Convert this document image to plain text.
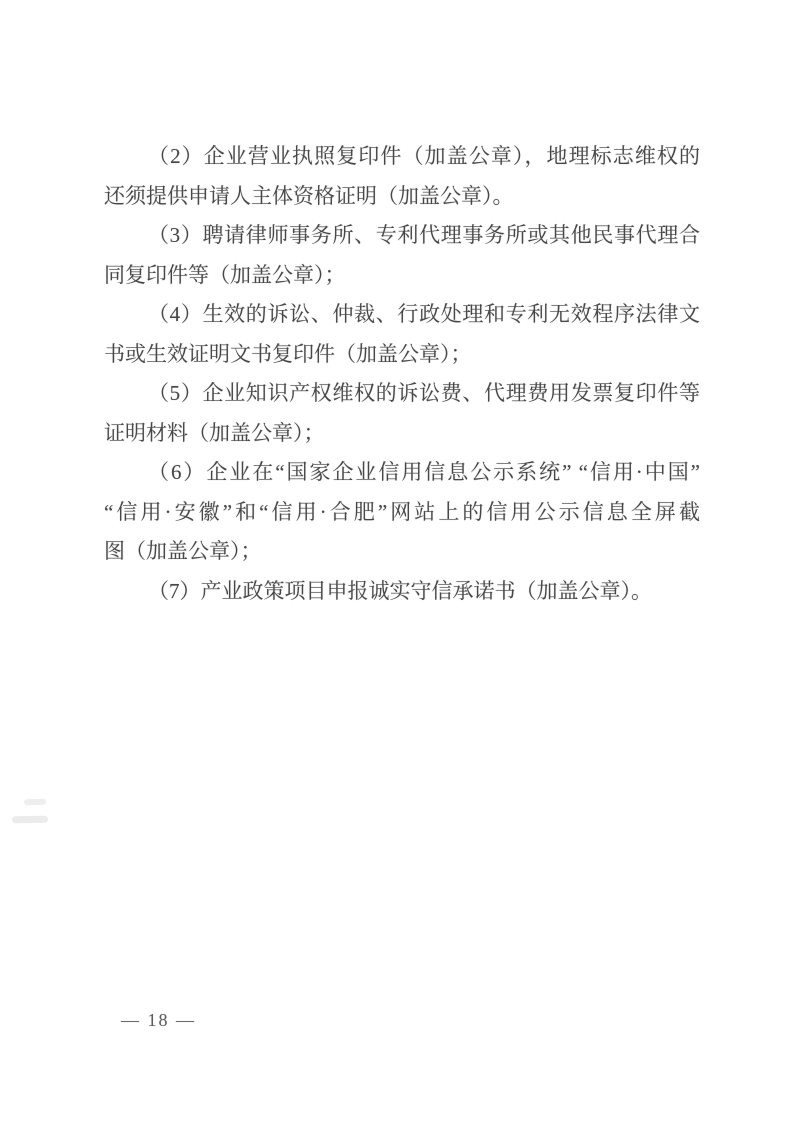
（2）企业营业执照复印件（加盖公章），地理标志维权的
还须提供申请人主体资格证明（加盖公章）。
（3）聘请律师事务所、专利代理事务所或其他民事代理合
同复印件等（加盖公章）；
（4）生效的诉讼、仲裁、行政处理和专利无效程序法律文
书或生效证明文书复印件（加盖公章）；
（5）企业知识产权维权的诉讼费、代理费用发票复印件等
证明材料（加盖公章）；
（6）企业在“国家企业信用信息公示系统” “信用·中国”
“信用·安徽”和“信用·合肥”网站上的信用公示信息全屏截
图（加盖公章）；
（7）产业政策项目申报诚实守信承诺书（加盖公章）。
— 18 —
